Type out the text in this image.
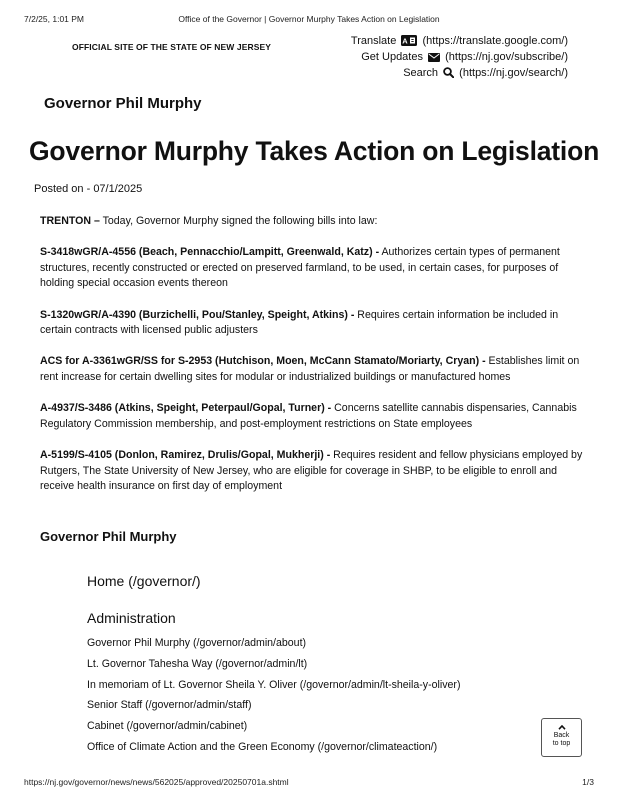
7/2/25, 1:01 PM	Office of the Governor | Governor Murphy Takes Action on Legislation
OFFICIAL SITE OF THE STATE OF NEW JERSEY	Translate A (https://translate.google.com/)
Get Updates (https://nj.gov/subscribe/)
Search (https://nj.gov/search/)
Governor Phil Murphy
Governor Murphy Takes Action on Legislation
Posted on - 07/1/2025

TRENTON – Today, Governor Murphy signed the following bills into law:

S-3418wGR/A-4556 (Beach, Pennacchio/Lampitt, Greenwald, Katz) - Authorizes certain types of permanent structures, recently constructed or erected on preserved farmland, to be used, in certain cases, for purposes of holding special occasion events thereon

S-1320wGR/A-4390 (Burzichelli, Pou/Stanley, Speight, Atkins) - Requires certain information be included in certain contracts with licensed public adjusters

ACS for A-3361wGR/SS for S-2953 (Hutchison, Moen, McCann Stamato/Moriarty, Cryan) - Establishes limit on rent increase for certain dwelling sites for modular or industrialized buildings or manufactured homes

A-4937/S-3486 (Atkins, Speight, Peterpaul/Gopal, Turner) - Concerns satellite cannabis dispensaries, Cannabis Regulatory Commission membership, and post-employment restrictions on State employees

A-5199/S-4105 (Donlon, Ramirez, Drulis/Gopal, Mukherji) - Requires resident and fellow physicians employed by Rutgers, The State University of New Jersey, who are eligible for coverage in SHBP, to be eligible to enroll and receive health insurance on first day of employment

Governor Phil Murphy
Home (/governor/)
Administration
Governor Phil Murphy (/governor/admin/about)
Lt. Governor Tahesha Way (/governor/admin/lt)
In memoriam of Lt. Governor Sheila Y. Oliver (/governor/admin/lt-sheila-y-oliver)
Senior Staff (/governor/admin/staff)
Cabinet (/governor/admin/cabinet)
Office of Climate Action and the Green Economy (/governor/climateaction/)
Back
to top
https://nj.gov/governor/news/news/562025/approved/20250701a.shtml	1/3
